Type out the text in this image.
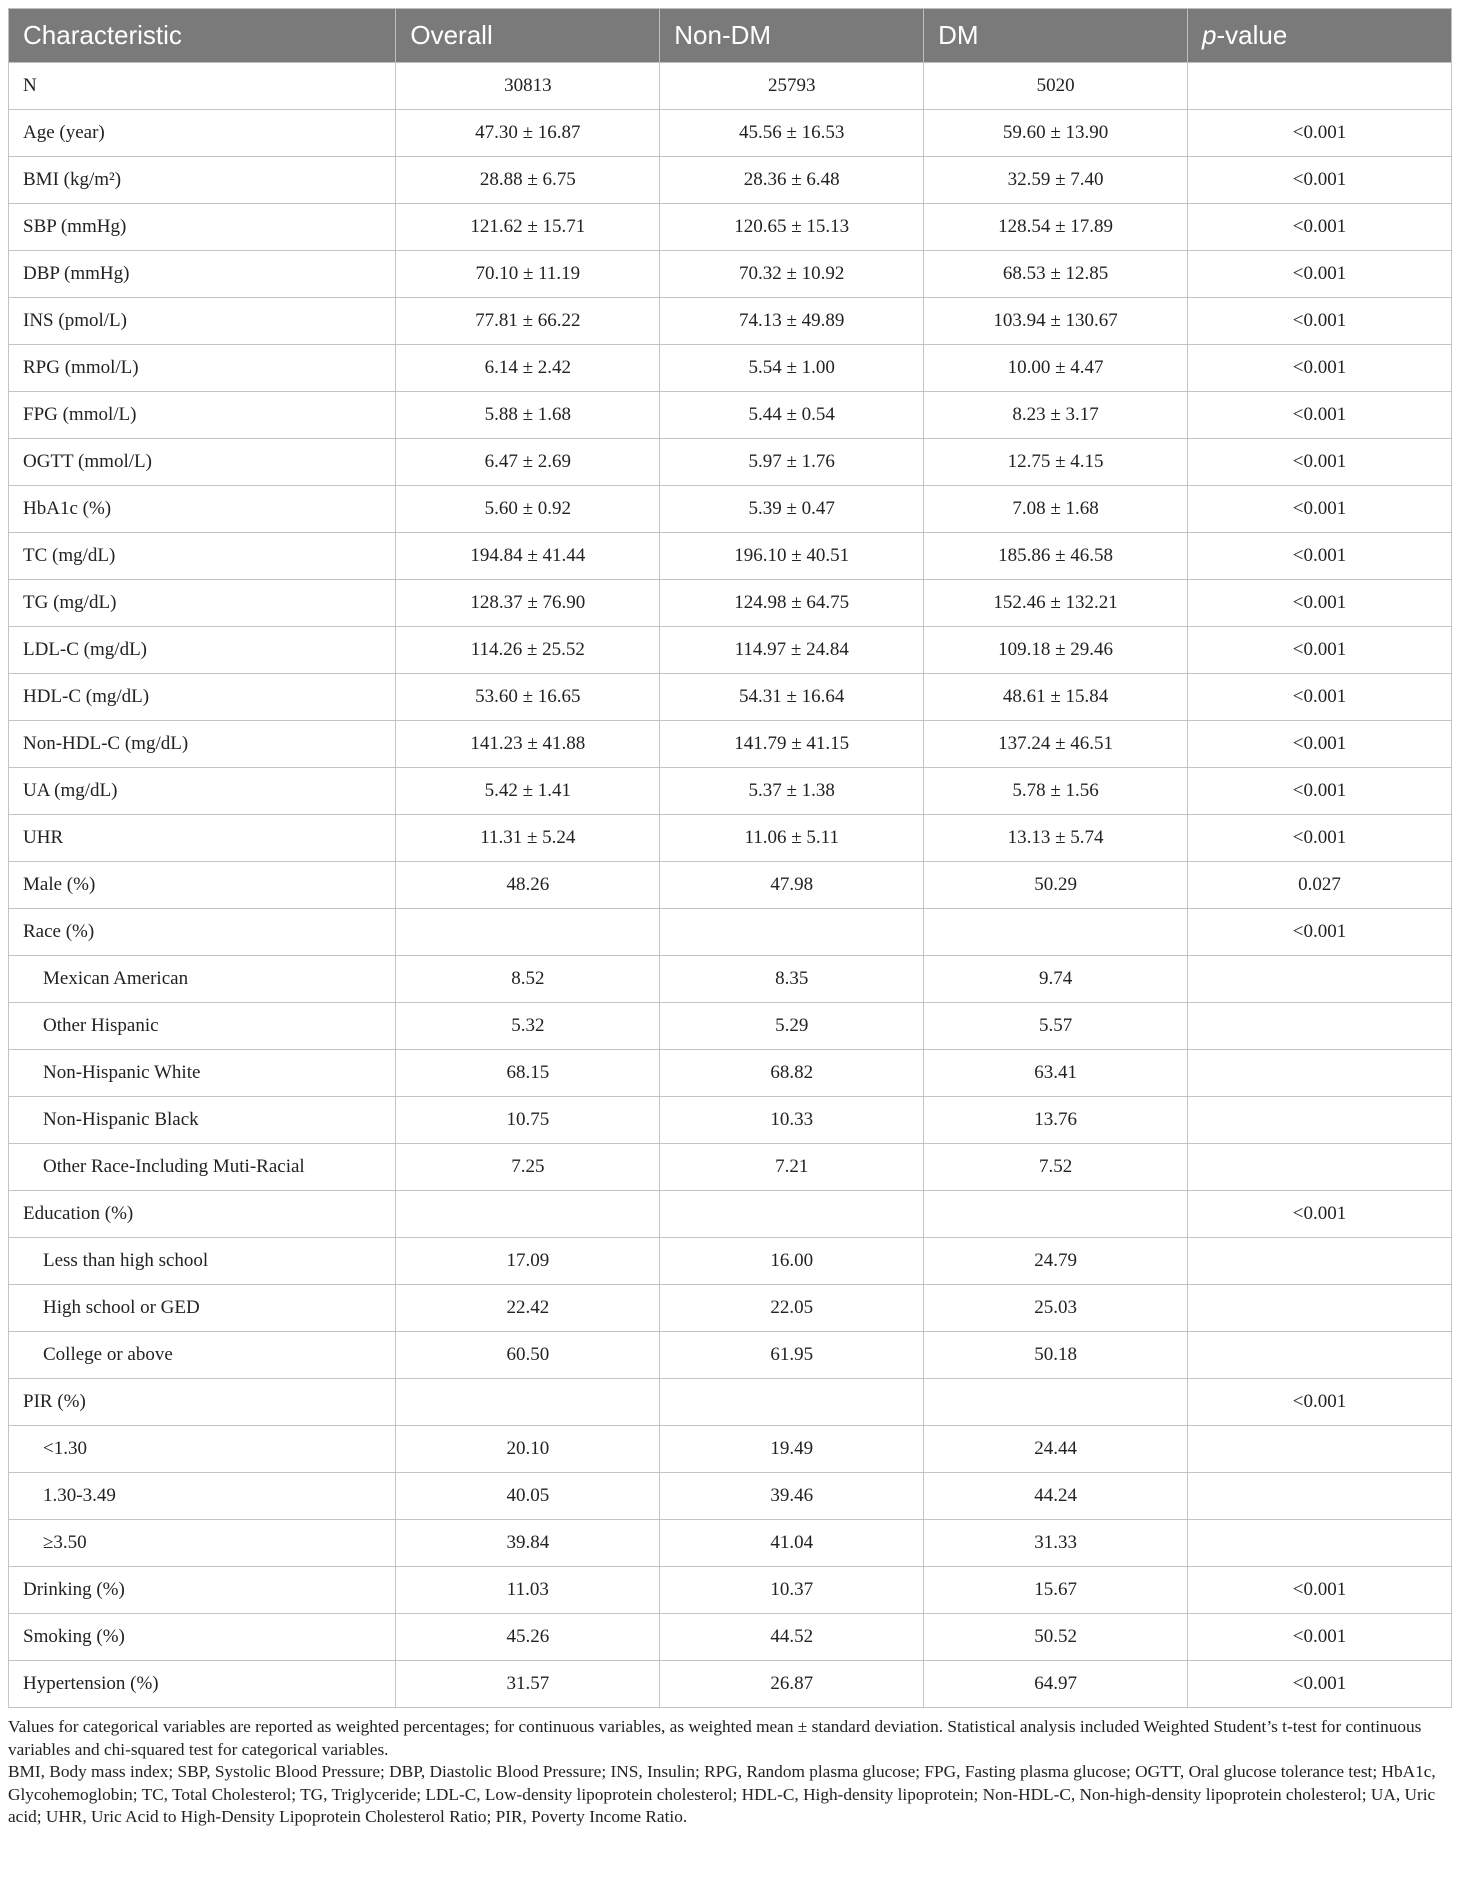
Characteristic	Overall	Non-DM	DM	p-value
N	30813	25793	5020	
Age (year)	47.30 ± 16.87	45.56 ± 16.53	59.60 ± 13.90	<0.001
BMI (kg/m²)	28.88 ± 6.75	28.36 ± 6.48	32.59 ± 7.40	<0.001
SBP (mmHg)	121.62 ± 15.71	120.65 ± 15.13	128.54 ± 17.89	<0.001
DBP (mmHg)	70.10 ± 11.19	70.32 ± 10.92	68.53 ± 12.85	<0.001
INS (pmol/L)	77.81 ± 66.22	74.13 ± 49.89	103.94 ± 130.67	<0.001
RPG (mmol/L)	6.14 ± 2.42	5.54 ± 1.00	10.00 ± 4.47	<0.001
FPG (mmol/L)	5.88 ± 1.68	5.44 ± 0.54	8.23 ± 3.17	<0.001
OGTT (mmol/L)	6.47 ± 2.69	5.97 ± 1.76	12.75 ± 4.15	<0.001
HbA1c (%)	5.60 ± 0.92	5.39 ± 0.47	7.08 ± 1.68	<0.001
TC (mg/dL)	194.84 ± 41.44	196.10 ± 40.51	185.86 ± 46.58	<0.001
TG (mg/dL)	128.37 ± 76.90	124.98 ± 64.75	152.46 ± 132.21	<0.001
LDL-C (mg/dL)	114.26 ± 25.52	114.97 ± 24.84	109.18 ± 29.46	<0.001
HDL-C (mg/dL)	53.60 ± 16.65	54.31 ± 16.64	48.61 ± 15.84	<0.001
Non-HDL-C (mg/dL)	141.23 ± 41.88	141.79 ± 41.15	137.24 ± 46.51	<0.001
UA (mg/dL)	5.42 ± 1.41	5.37 ± 1.38	5.78 ± 1.56	<0.001
UHR	11.31 ± 5.24	11.06 ± 5.11	13.13 ± 5.74	<0.001
Male (%)	48.26	47.98	50.29	0.027
Race (%)				<0.001
Mexican American	8.52	8.35	9.74	
Other Hispanic	5.32	5.29	5.57	
Non-Hispanic White	68.15	68.82	63.41	
Non-Hispanic Black	10.75	10.33	13.76	
Other Race-Including Muti-Racial	7.25	7.21	7.52	
Education (%)				<0.001
Less than high school	17.09	16.00	24.79	
High school or GED	22.42	22.05	25.03	
College or above	60.50	61.95	50.18	
PIR (%)				<0.001
<1.30	20.10	19.49	24.44	
1.30-3.49	40.05	39.46	44.24	
≥3.50	39.84	41.04	31.33	
Drinking (%)	11.03	10.37	15.67	<0.001
Smoking (%)	45.26	44.52	50.52	<0.001
Hypertension (%)	31.57	26.87	64.97	<0.001

Values for categorical variables are reported as weighted percentages; for continuous variables, as weighted mean ± standard deviation. Statistical analysis included Weighted Student’s t-test for continuous variables and chi-squared test for categorical variables.

BMI, Body mass index; SBP, Systolic Blood Pressure; DBP, Diastolic Blood Pressure; INS, Insulin; RPG, Random plasma glucose; FPG, Fasting plasma glucose; OGTT, Oral glucose tolerance test; HbA1c, Glycohemoglobin; TC, Total Cholesterol; TG, Triglyceride; LDL-C, Low-density lipoprotein cholesterol; HDL-C, High-density lipoprotein; Non-HDL-C, Non-high-density lipoprotein cholesterol; UA, Uric acid; UHR, Uric Acid to High-Density Lipoprotein Cholesterol Ratio; PIR, Poverty Income Ratio.
